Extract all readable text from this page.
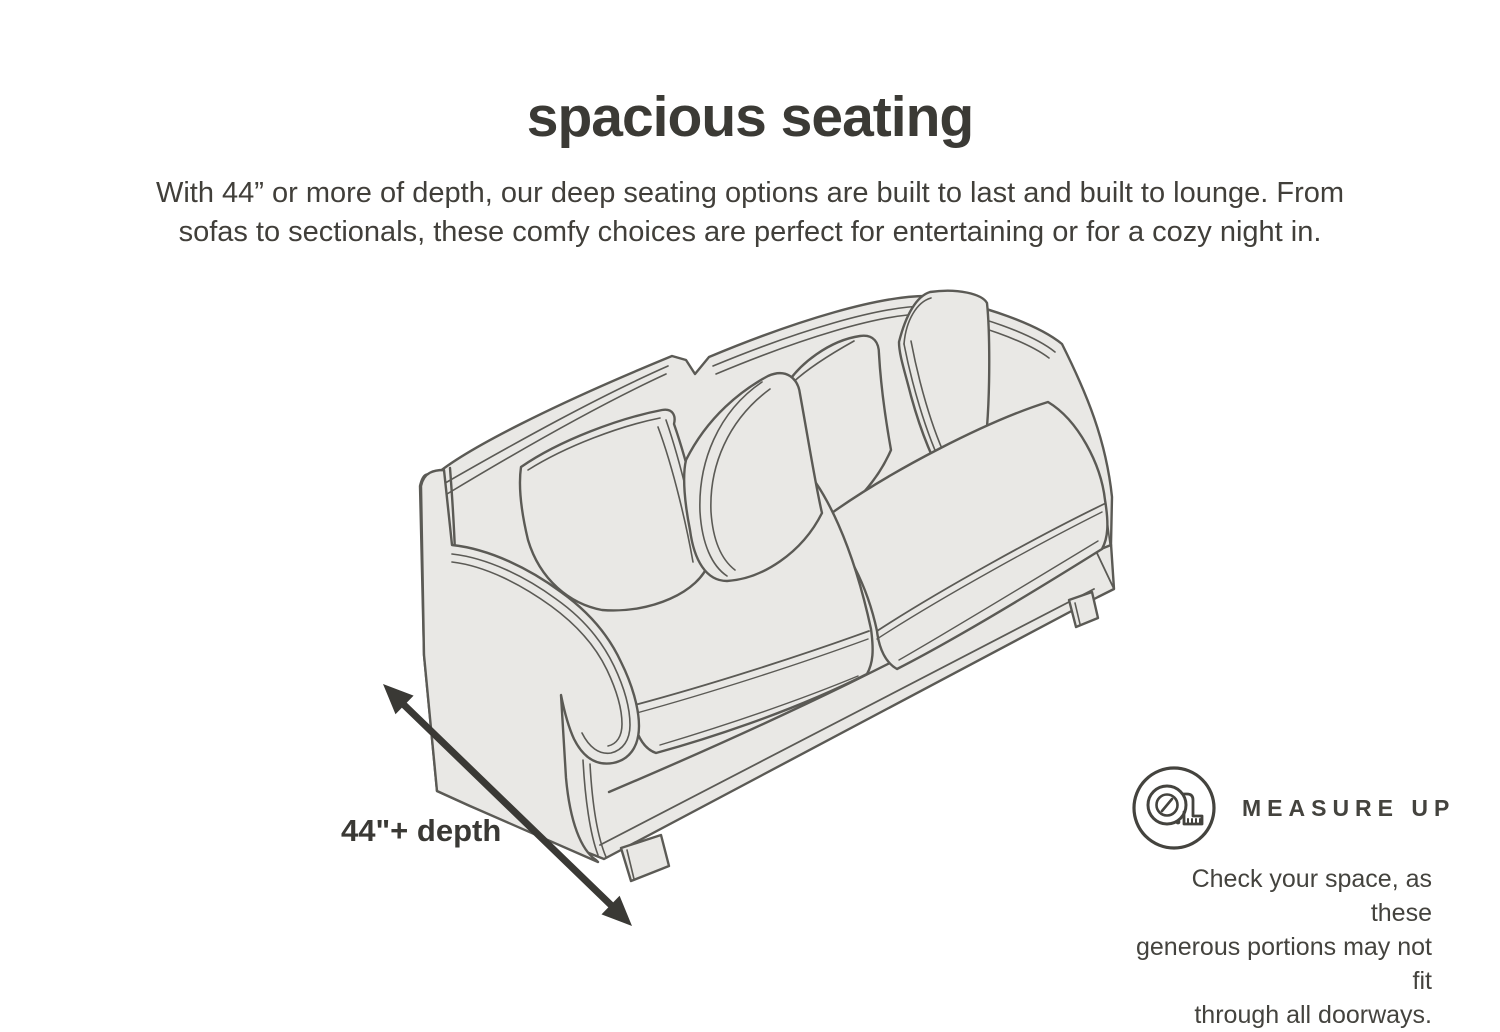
spacious seating

With 44” or more of depth, our deep seating options are built to last and built to lounge. From sofas to sectionals, these comfy choices are perfect for entertaining or for a cozy night in.

44"+ depth
MEASURE UP
Check your space, as these
generous portions may not fit
through all doorways.
